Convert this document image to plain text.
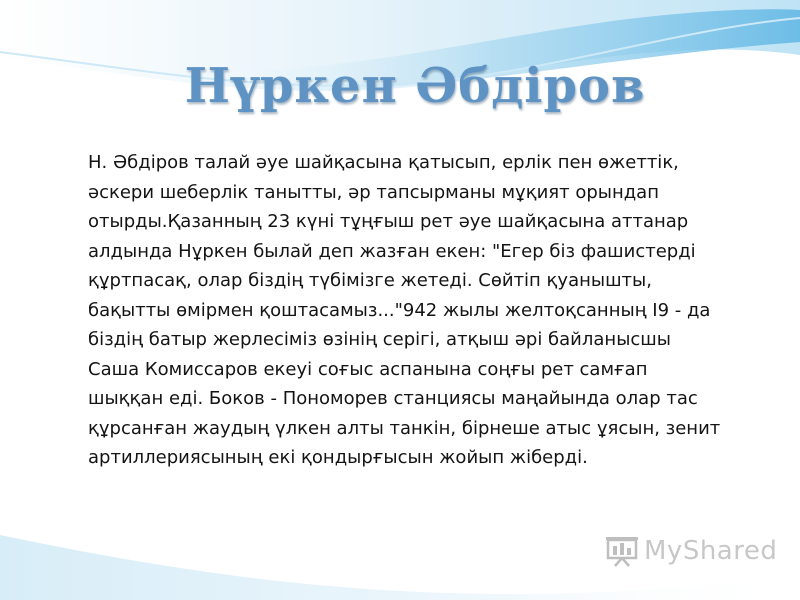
Нүркен Әбдіров
Н. Әбдіров талай әуе шайқасына қатысып, ерлік пен өжеттік,
әскери шеберлік танытты, әр тапсырманы мұқият орындап
отырды.Қазанның 23 күні тұңғыш рет әуе шайқасына аттанар
алдында Нұркен былай деп жазған екен: "Егер біз фашистерді
құртпасақ, олар біздің түбімізге жетеді. Сөйтіп қуанышты,
бақытты өмірмен қоштасамыз..."942 жылы желтоқсанның І9 - да
біздің батыр жерлесіміз өзінің серігі, атқыш әрі байланысшы
Саша Комиссаров екеуі соғыс аспанына соңғы рет самғап
шыққан еді. Боков - Пономорев станциясы маңайында олар тас
құрсанған жаудың үлкен алты танкін, бірнеше атыс ұясын, зенит
артиллериясының екі қондырғысын жойып жіберді.
MyShared
